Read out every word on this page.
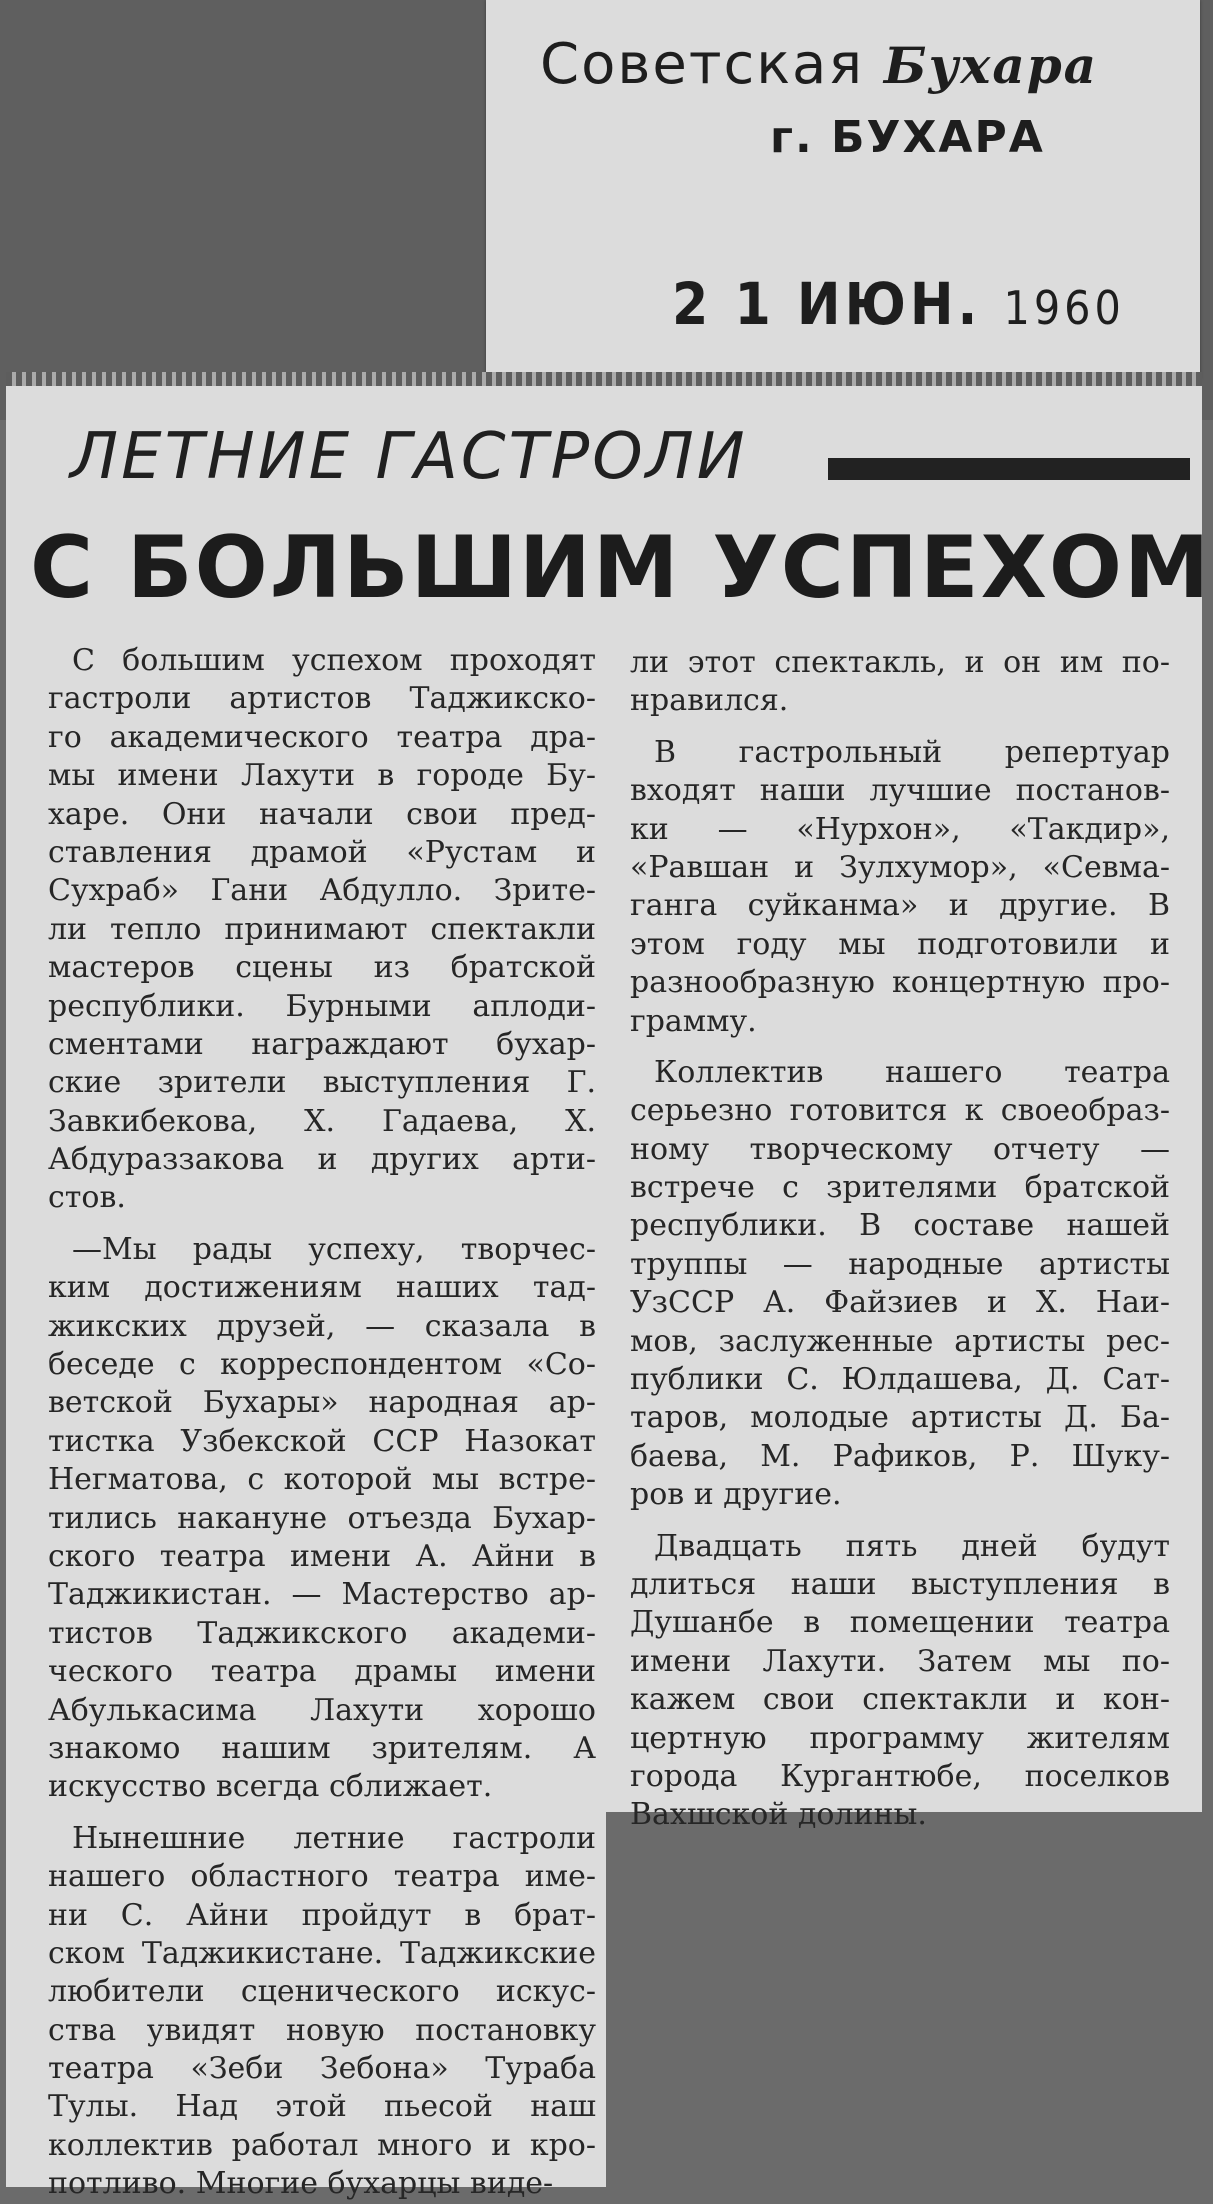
Советская Бухара
г. БУХАРА
2 1 ИЮН. 1960
ЛЕТНИЕ ГАСТРОЛИ
С БОЛЬШИМ УСПЕХОМ
С большим успехом проходят
гастроли артистов Таджикско-
го академического театра дра-
мы имени Лахути в городе Бу-
харе. Они начали свои пред-
ставления драмой «Рустам и
Сухраб» Гани Абдулло. Зрите-
ли тепло принимают спектакли
мастеров сцены из братской
республики. Бурными аплоди-
сментами награждают бухар-
ские зрители выступления Г.
Завкибекова, Х. Гадаева, Х.
Абдураззакова и других арти-
стов.
—Мы рады успеху, творчес-
ким достижениям наших тад-
жикских друзей, — сказала в
беседе с корреспондентом «Со-
ветской Бухары» народная ар-
тистка Узбекской ССР Назокат
Негматова, с которой мы встре-
тились накануне отъезда Бухар-
ского театра имени А. Айни в
Таджикистан. — Мастерство ар-
тистов Таджикского академи-
ческого театра драмы имени
Абулькасима Лахути хорошо
знакомо нашим зрителям. А
искусство всегда сближает.
Нынешние летние гастроли
нашего областного театра име-
ни С. Айни пройдут в брат-
ском Таджикистане. Таджикские
любители сценического искус-
ства увидят новую постановку
театра «Зеби Зебона» Тураба
Тулы. Над этой пьесой наш
коллектив работал много и кро-
потливо. Многие бухарцы виде-
ли этот спектакль, и он им по-
нравился.
В гастрольный репертуар
входят наши лучшие постанов-
ки — «Нурхон», «Такдир»,
«Равшан и Зулхумор», «Севма-
ганга суйканма» и другие. В
этом году мы подготовили и
разнообразную концертную про-
грамму.
Коллектив нашего театра
серьезно готовится к своеобраз-
ному творческому отчету —
встрече с зрителями братской
республики. В составе нашей
труппы — народные артисты
УзССР А. Файзиев и Х. Наи-
мов, заслуженные артисты рес-
публики С. Юлдашева, Д. Сат-
таров, молодые артисты Д. Ба-
баева, М. Рафиков, Р. Шуку-
ров и другие.
Двадцать пять дней будут
длиться наши выступления в
Душанбе в помещении театра
имени Лахути. Затем мы по-
кажем свои спектакли и кон-
цертную программу жителям
города Кургантюбе, поселков
Вахшской долины.
